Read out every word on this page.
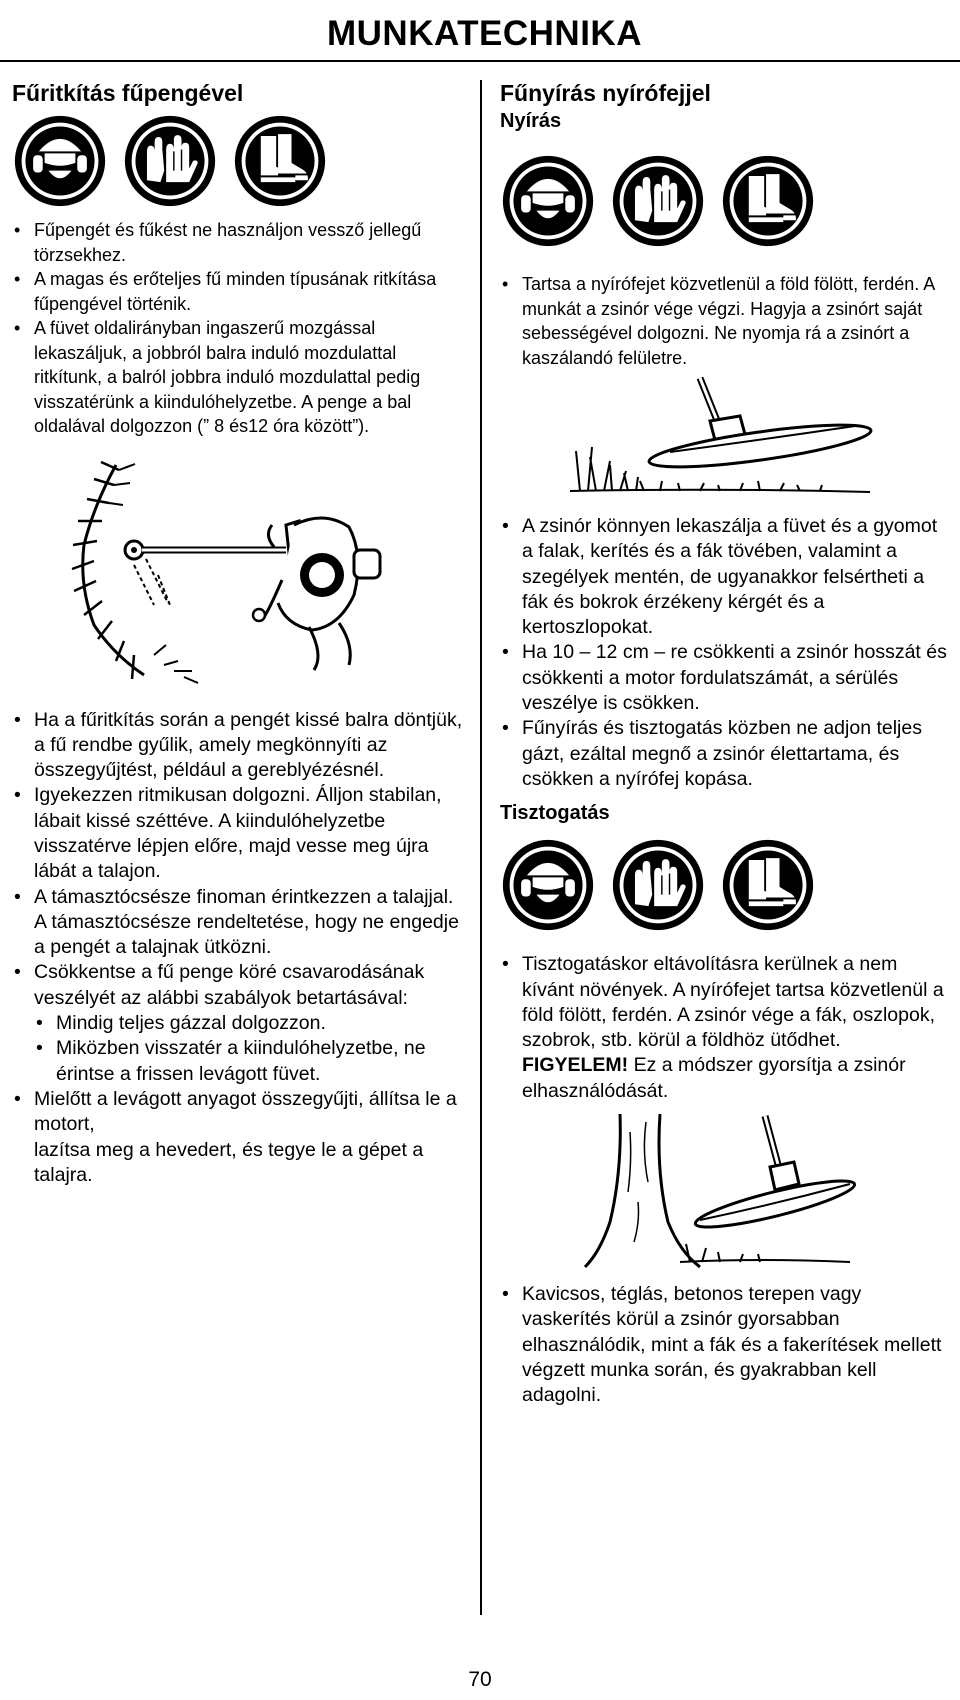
MUNKATECHNIKA
Fűritkítás fűpengével
• Fűpengét és fűkést ne használjon vessző jellegű törzsekhez.
• A magas és erőteljes fű minden típusának ritkítása fűpengével történik.
• A füvet oldalirányban ingaszerű mozgással lekaszáljuk, a jobbról balra induló mozdulattal ritkítunk, a balról jobbra induló mozdulattal pedig visszatérünk a kiindulóhelyzetbe. A penge a bal oldalával dolgozzon (” 8 és12 óra között”).
• Ha a fűritkítás során a pengét kissé balra döntjük, a fű rendbe gyűlik, amely megkönnyíti az összegyűjtést, például a gereblyézésnél.
• Igyekezzen ritmikusan dolgozni. Álljon stabilan, lábait kissé széttéve. A kiindulóhelyzetbe visszatérve lépjen előre, majd vesse meg újra lábát a talajon.
• A támasztócsésze finoman érintkezzen a talajjal. A támasztócsésze rendeltetése, hogy ne engedje a pengét a talajnak ütközni.
• Csökkentse a fű penge köré csavarodásának veszélyét az alábbi szabályok betartásával:
• Mindig teljes gázzal dolgozzon.
• Miközben visszatér a kiindulóhelyzetbe, ne érintse a frissen levágott füvet.
• Mielőtt a levágott anyagot összegyűjti, állítsa le a motort,
lazítsa meg a hevedert, és tegye le a gépet a talajra.
Fűnyírás nyírófejjel
Nyírás
• Tartsa a nyírófejet közvetlenül a föld fölött, ferdén. A munkát a zsinór vége végzi. Hagyja a zsinórt saját sebességével dolgozni. Ne nyomja rá a zsinórt a kaszálandó felületre.
• A zsinór könnyen lekaszálja a füvet és a gyomot a falak, kerítés és a fák tövében, valamint a szegélyek mentén, de ugyanakkor felsértheti a fák és bokrok érzékeny kérgét és a kertoszlopokat.
• Ha 10 – 12 cm – re csökkenti a zsinór hosszát és csökkenti a motor fordulatszámát, a sérülés veszélye is csökken.
• Fűnyírás és tisztogatás közben ne adjon teljes gázt, ezáltal megnő a zsinór élettartama, és csökken a nyírófej kopása.
Tisztogatás
• Tisztogatáskor eltávolításra kerülnek a nem kívánt növények. A nyírófejet tartsa közvetlenül a föld fölött, ferdén. A zsinór vége a fák, oszlopok, szobrok, stb. körül a földhöz ütődhet. FIGYELEM! Ez a módszer gyorsítja a zsinór elhasználódását.
• Kavicsos, téglás, betonos terepen vagy vaskerítés körül a zsinór gyorsabban elhasználódik, mint a fák és a fakerítések mellett végzett munka során, és gyakrabban kell adagolni.
70
